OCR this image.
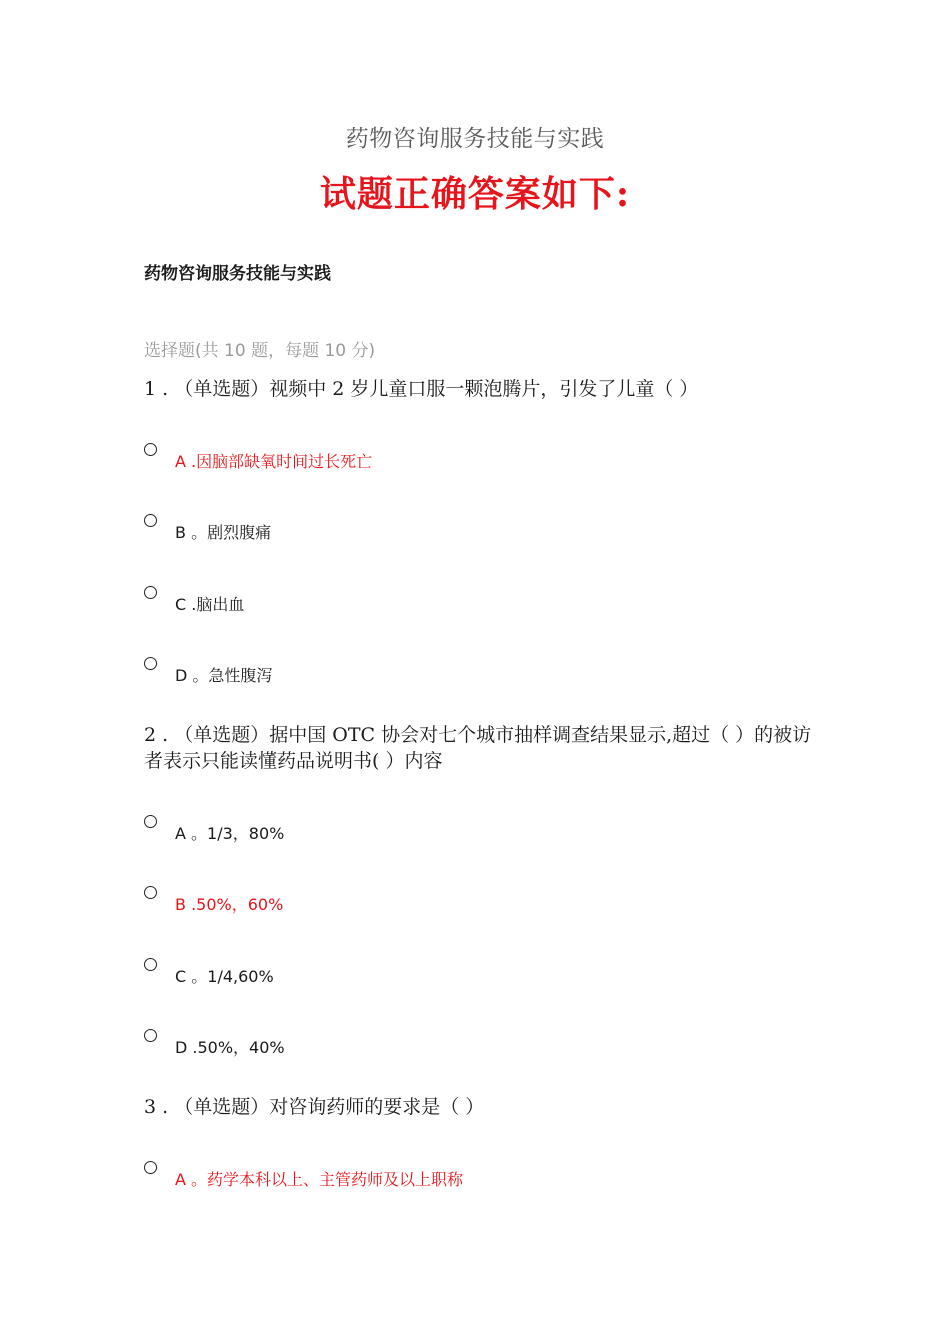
药物咨询服务技能与实践
试题正确答案如下:
药物咨询服务技能与实践
选择题(共 10 题，每题 10 分)
1 . （单选题）视频中 2 岁儿童口服一颗泡腾片，引发了儿童（ ）
A .因脑部缺氧时间过长死亡
B 。剧烈腹痛
C .脑出血
D 。急性腹泻
2 . （单选题）据中国 OTC 协会对七个城市抽样调查结果显示,超过（ ）的被访者表示只能读懂药品说明书( ）内容
A 。1/3，80%
B .50%，60%
C 。1/4,60%
D .50%，40%
3 . （单选题）对咨询药师的要求是（ ）
A 。药学本科以上、主管药师及以上职称
